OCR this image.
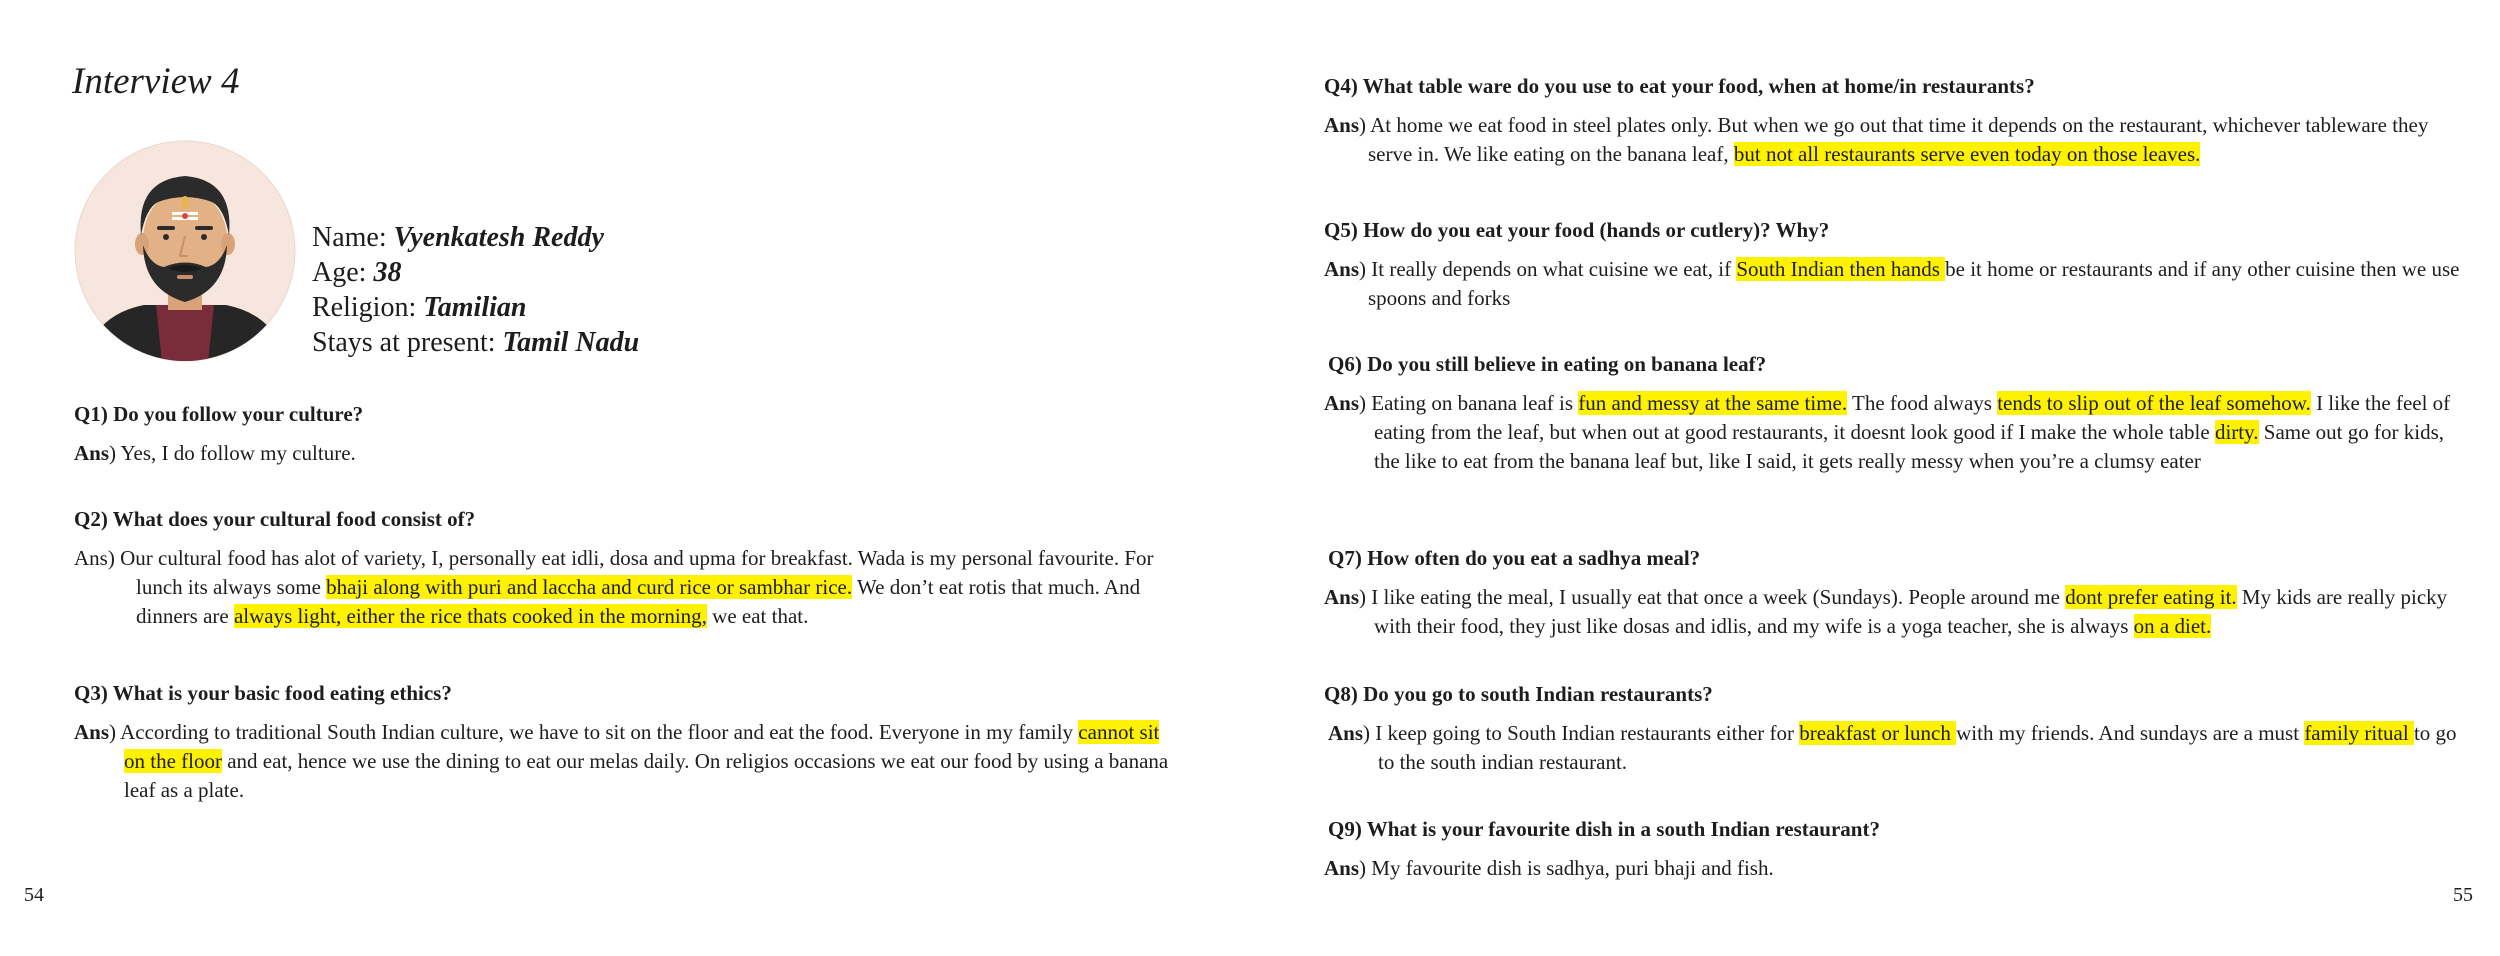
Interview 4
Name: Vyenkatesh Reddy
Age: 38
Religion: Tamilian
Stays at present: Tamil Nadu
Q1) Do you follow your culture?
Ans) Yes, I do follow my culture.
Q2) What does your cultural food consist of?
Ans) Our cultural food has alot of variety, I, personally eat idli, dosa and upma for breakfast. Wada is my personal favourite. For lunch its always some bhaji along with puri and laccha and curd rice or sambhar rice. We don’t eat rotis that much. And dinners are always light, either the rice thats cooked in the morning, we eat that.
Q3) What is your basic food eating ethics?
Ans) According to traditional South Indian culture, we have to sit on the floor and eat the food. Everyone in my family cannot sit on the floor and eat, hence we use the dining to eat our melas daily. On religios occasions we eat our food by using a banana leaf as a plate.
54
Q4) What table ware do you use to eat your food, when at home/in restaurants?
Ans) At home we eat food in steel plates only. But when we go out that time it depends on the restaurant, whichever tableware they serve in. We like eating on the banana leaf, but not all restaurants serve even today on those leaves.
Q5) How do you eat your food (hands or cutlery)? Why?
Ans) It really depends on what cuisine we eat, if South Indian then hands be it home or restaurants and if any other cuisine then we use spoons and forks
Q6) Do you still believe in eating on banana leaf?
Ans) Eating on banana leaf is fun and messy at the same time. The food always tends to slip out of the leaf somehow. I like the feel of eating from the leaf, but when out at good restaurants, it doesnt look good if I make the whole table dirty. Same out go for kids, the like to eat from the banana leaf but, like I said, it gets really messy when you’re a clumsy eater
Q7) How often do you eat a sadhya meal?
Ans) I like eating the meal, I usually eat that once a week (Sundays). People around me dont prefer eating it. My kids are really picky with their food, they just like dosas and idlis, and my wife is a yoga teacher, she is always on a diet.
Q8) Do you go to south Indian restaurants?
Ans) I keep going to South Indian restaurants either for breakfast or lunch with my friends. And sundays are a must family ritual to go to the south indian restaurant.
Q9) What is your favourite dish in a south Indian restaurant?
Ans) My favourite dish is sadhya, puri bhaji and fish.
55
